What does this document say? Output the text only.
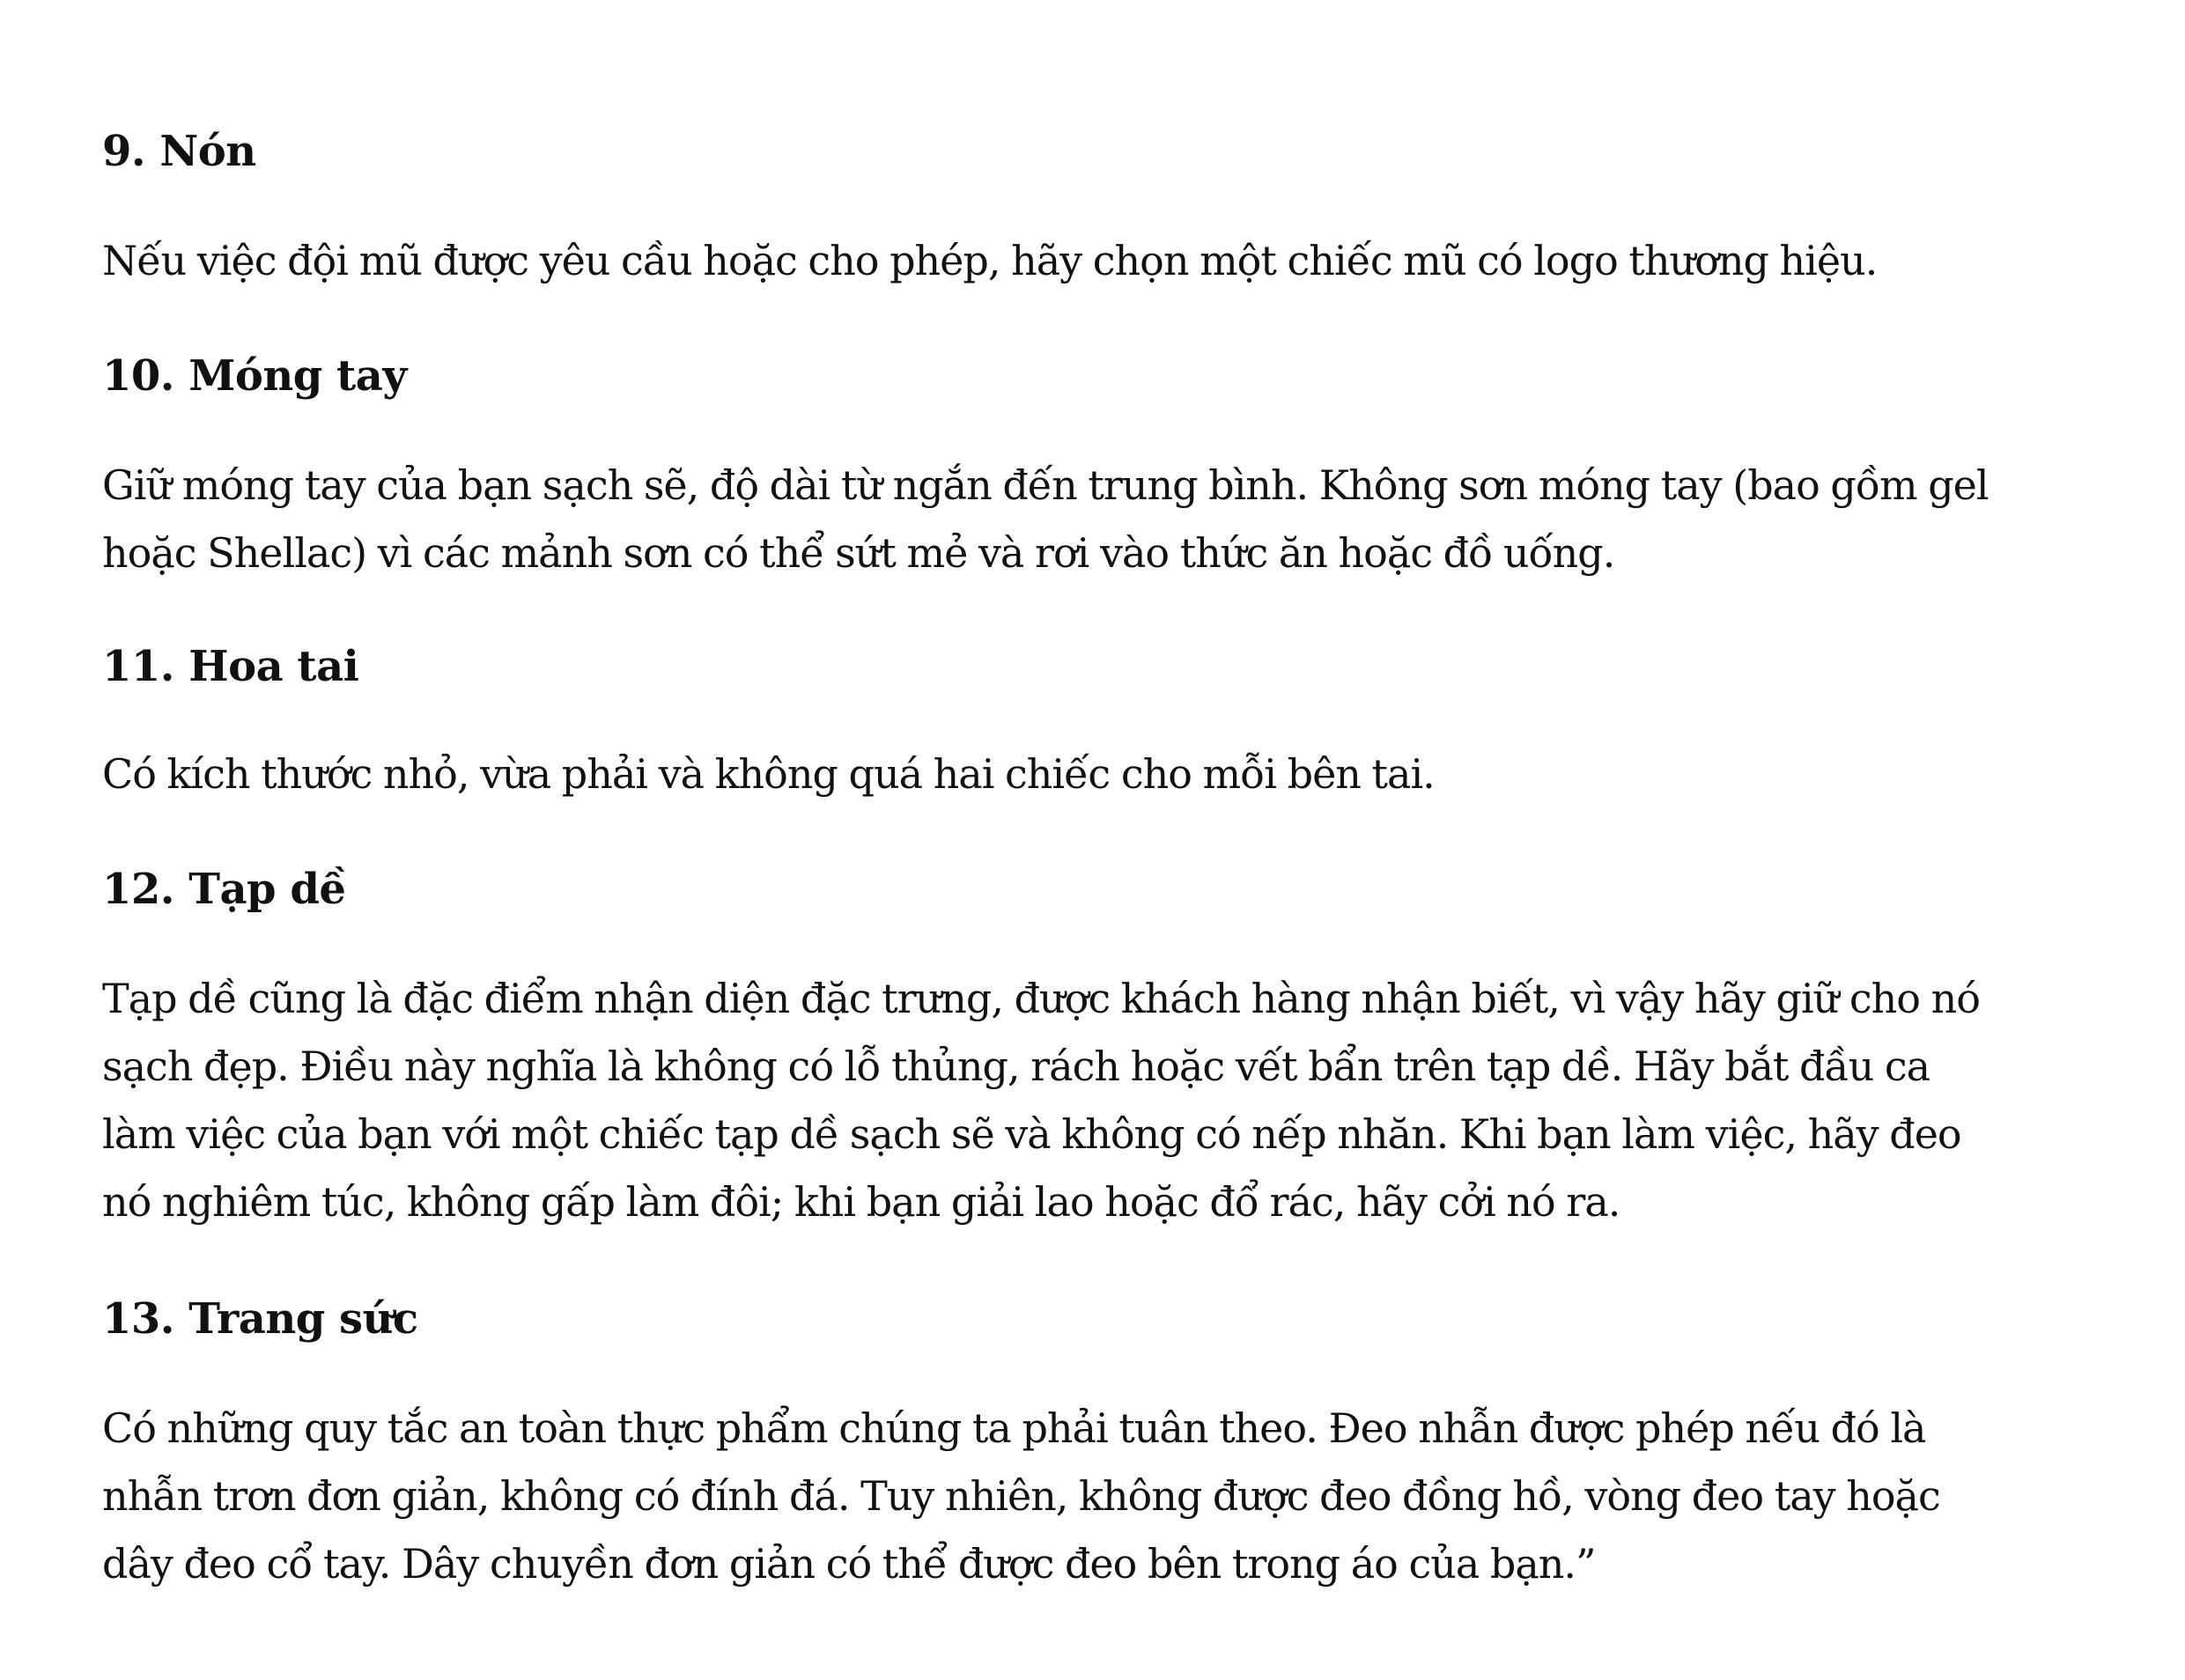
9. Nón

Nếu việc đội mũ được yêu cầu hoặc cho phép, hãy chọn một chiếc mũ có logo thương hiệu.

10. Móng tay

Giữ móng tay của bạn sạch sẽ, độ dài từ ngắn đến trung bình. Không sơn móng tay (bao gồm gel
hoặc Shellac) vì các mảnh sơn có thể sứt mẻ và rơi vào thức ăn hoặc đồ uống.

11. Hoa tai

Có kích thước nhỏ, vừa phải và không quá hai chiếc cho mỗi bên tai.

12. Tạp dề

Tạp dề cũng là đặc điểm nhận diện đặc trưng, được khách hàng nhận biết, vì vậy hãy giữ cho nó
sạch đẹp. Điều này nghĩa là không có lỗ thủng, rách hoặc vết bẩn trên tạp dề. Hãy bắt đầu ca
làm việc của bạn với một chiếc tạp dề sạch sẽ và không có nếp nhăn. Khi bạn làm việc, hãy đeo
nó nghiêm túc, không gấp làm đôi; khi bạn giải lao hoặc đổ rác, hãy cởi nó ra.

13. Trang sức

Có những quy tắc an toàn thực phẩm chúng ta phải tuân theo. Đeo nhẫn được phép nếu đó là
nhẫn trơn đơn giản, không có đính đá. Tuy nhiên, không được đeo đồng hồ, vòng đeo tay hoặc
dây đeo cổ tay. Dây chuyền đơn giản có thể được đeo bên trong áo của bạn.”
